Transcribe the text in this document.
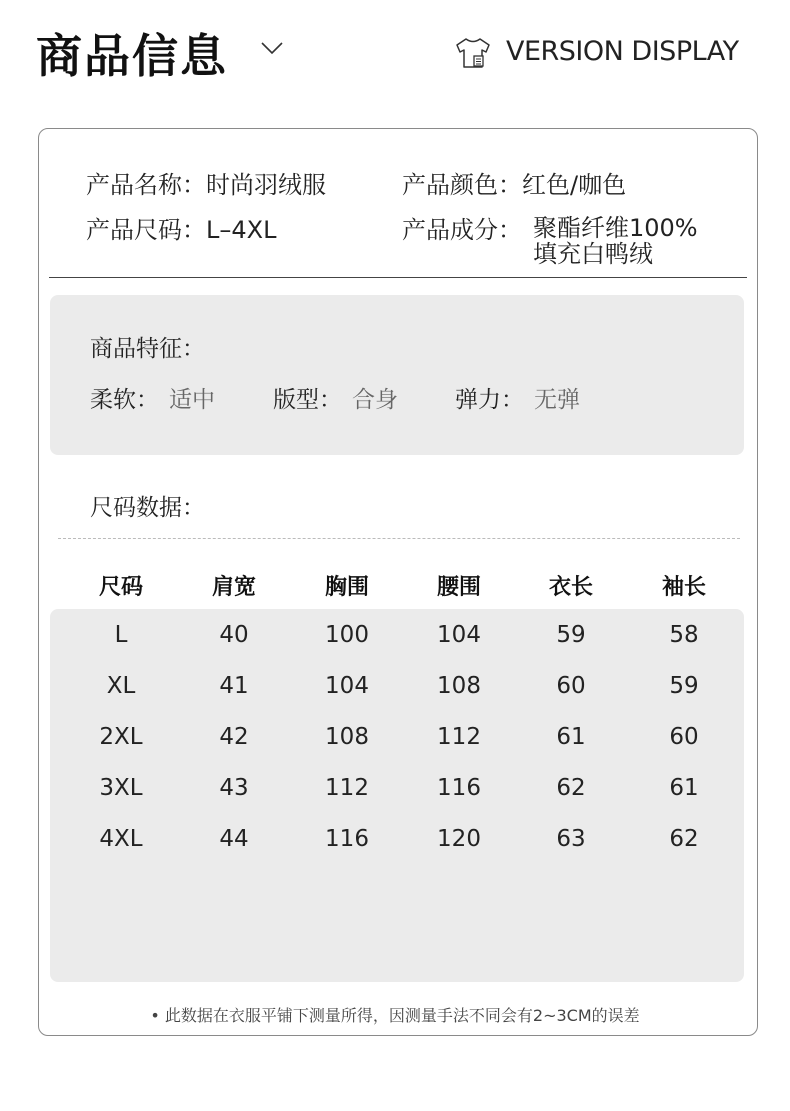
商品信息	VERSION DISPLAY
产品名称：时尚羽绒服
产品尺码：L–4XL
产品颜色：红色/咖色
产品成分： 聚酯纤维100%
填充白鸭绒
商品特征：
柔软： 适中	版型： 合身 弹力： 无弹
尺码数据：
尺码	肩宽	胸围	腰围	衣长	袖长
L	40	100	104	59	58
XL	41	104	108	60	59
2XL	42	108	112	61	60
3XL	43	112	116	62	61
4XL	44	116	120	63	62
• 此数据在衣服平铺下测量所得，因测量手法不同会有2~3CM的误差
